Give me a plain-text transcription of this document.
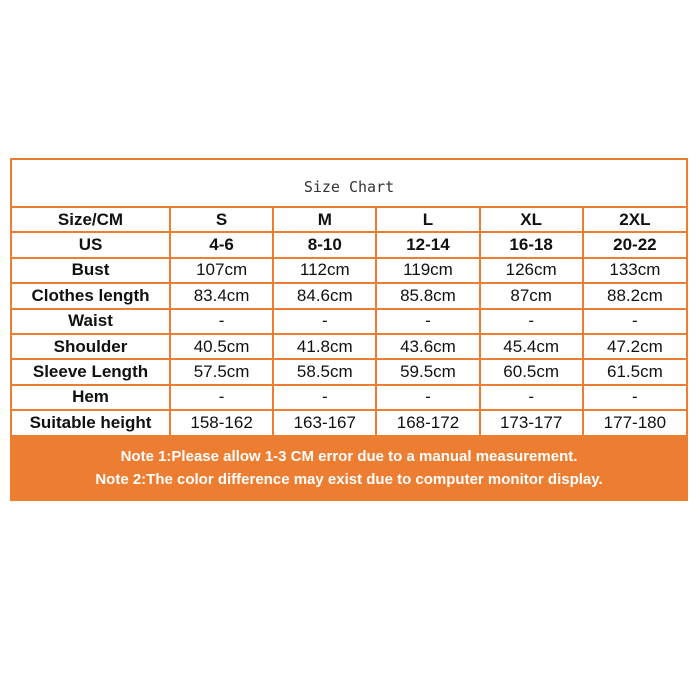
Size Chart
Size/CM	S	M	L	XL	2XL
US	4-6	8-10	12-14	16-18	20-22
Bust	107cm	112cm	119cm	126cm	133cm
Clothes length	83.4cm	84.6cm	85.8cm	87cm	88.2cm
Waist	-	-	-	-	-
Shoulder	40.5cm	41.8cm	43.6cm	45.4cm	47.2cm
Sleeve Length	57.5cm	58.5cm	59.5cm	60.5cm	61.5cm
Hem	-	-	-	-	-
Suitable height	158-162	163-167	168-172	173-177	177-180
Note 1:Please allow 1-3 CM error due to a manual measurement.
Note 2:The color difference may exist due to computer monitor display.
